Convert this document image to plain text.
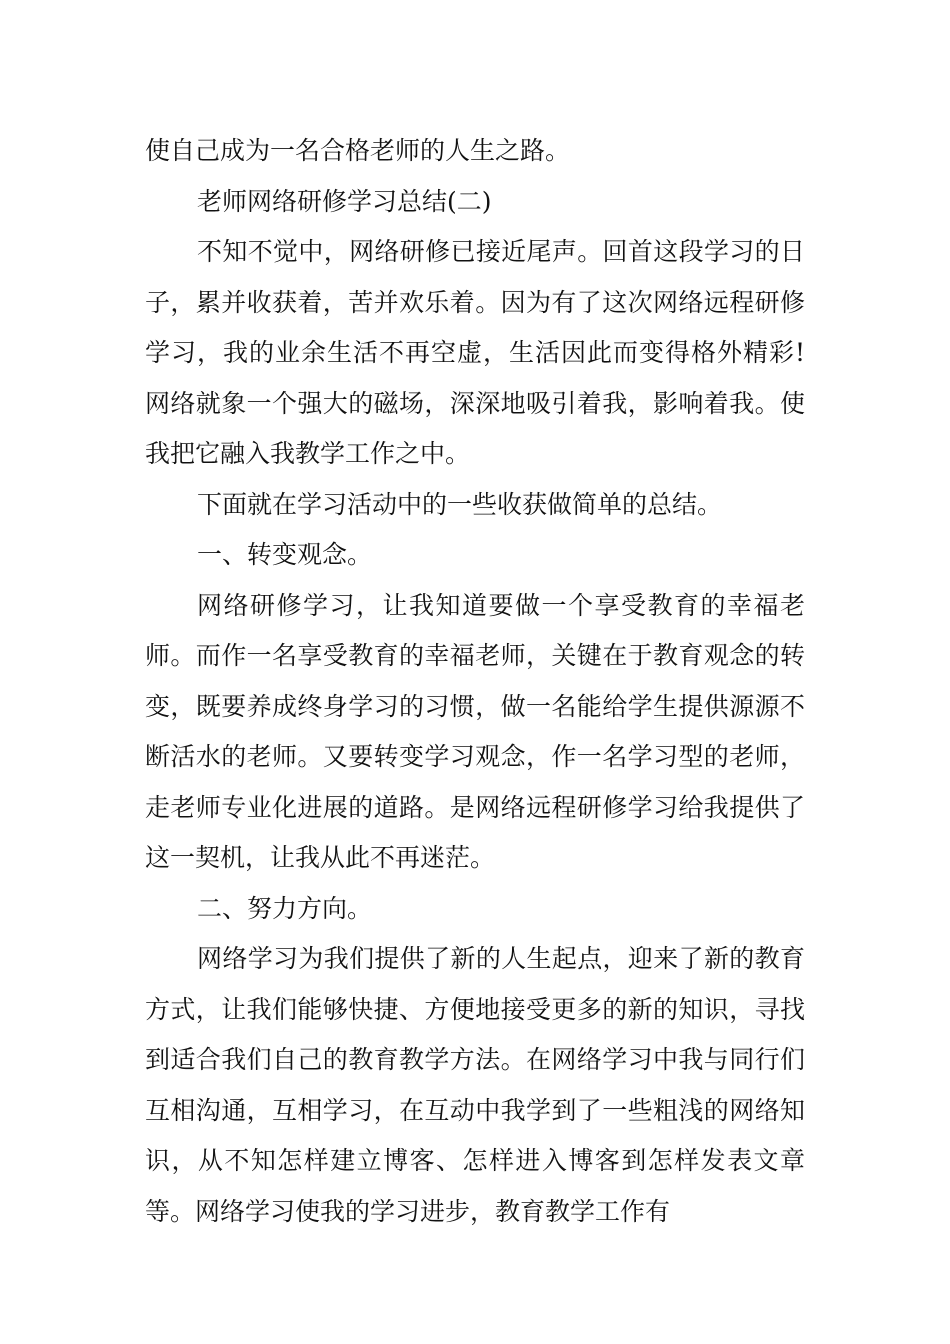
使自己成为一名合格老师的人生之路。

老师网络研修学习总结(二)

不知不觉中，网络研修已接近尾声。回首这段学习的日子，累并收获着，苦并欢乐着。因为有了这次网络远程研修学习，我的业余生活不再空虚，生活因此而变得格外精彩!网络就象一个强大的磁场，深深地吸引着我，影响着我。使我把它融入我教学工作之中。

下面就在学习活动中的一些收获做简单的总结。

一、转变观念。

网络研修学习，让我知道要做一个享受教育的幸福老师。而作一名享受教育的幸福老师，关键在于教育观念的转变，既要养成终身学习的习惯，做一名能给学生提供源源不断活水的老师。又要转变学习观念，作一名学习型的老师，走老师专业化进展的道路。是网络远程研修学习给我提供了这一契机，让我从此不再迷茫。

二、努力方向。

网络学习为我们提供了新的人生起点，迎来了新的教育方式，让我们能够快捷、方便地接受更多的新的知识，寻找到适合我们自己的教育教学方法。在网络学习中我与同行们互相沟通，互相学习，在互动中我学到了一些粗浅的网络知识，从不知怎样建立博客、怎样进入博客到怎样发表文章等。网络学习使我的学习进步，教育教学工作有
